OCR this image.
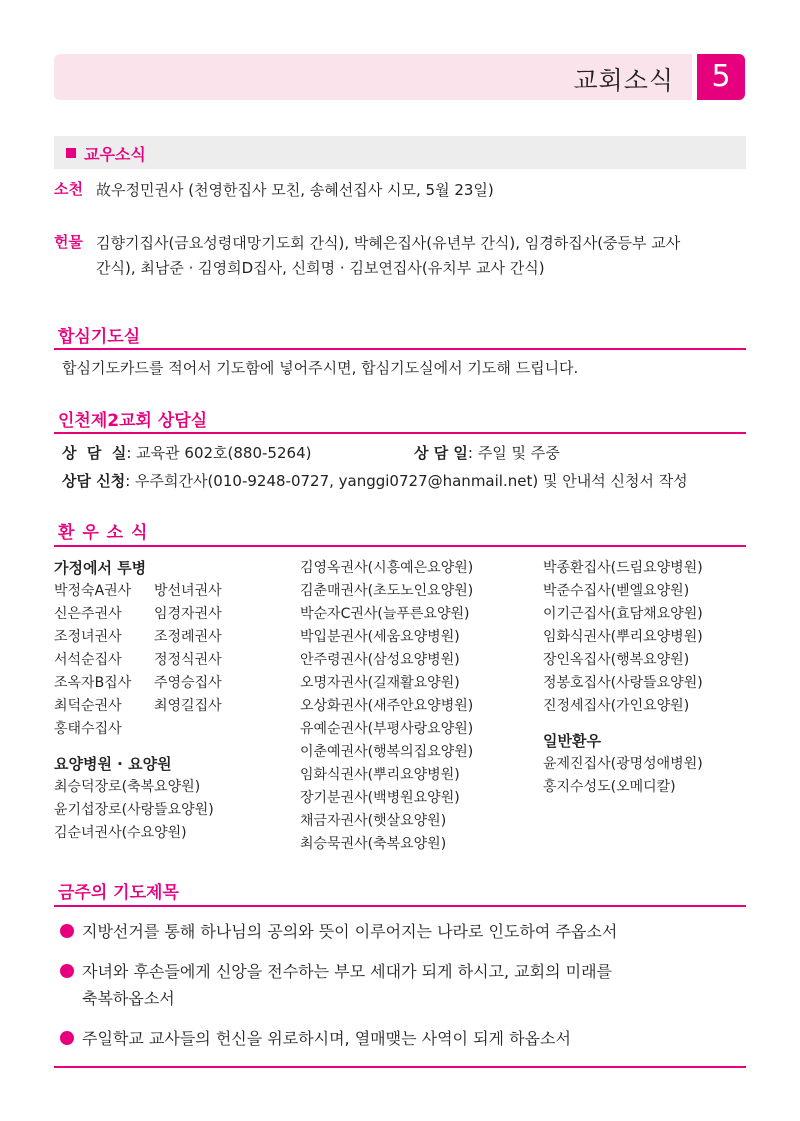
교회소식	5
교우소식
소천 故우정민권사 (천영한집사 모친, 송혜선집사 시모, 5월 23일)
헌물 김향기집사(금요성령대망기도회 간식), 박혜은집사(유년부 간식), 임경하집사(중등부 교사
간식), 최남준 · 김영희D집사, 신희명 · 김보연집사(유치부 교사 간식)
합심기도실
합심기도카드를 적어서 기도함에 넣어주시면, 합심기도실에서 기도해 드립니다.
인천제2교회 상담실
상  담  실: 교육관 602호(880-5264)	상 담 일: 주일 및 주중
상담 신청: 우주희간사(010-9248-0727, yanggi0727@hanmail.net) 및 안내석 신청서 작성
환 우 소 식
가정에서 투병
박정숙A권사	방선녀권사
신은주권사	임경자권사
조정녀권사	조정례권사
서석순집사	정정식권사
조옥자B집사	주영승집사
최덕순권사	최영길집사
홍태수집사
요양병원 · 요양원
최승덕장로(축복요양원)
윤기섭장로(사랑뜰요양원)
김순녀권사(수요양원)
김영옥권사(시흥예은요양원)
김춘매권사(초도노인요양원)
박순자C권사(늘푸른요양원)
박입분권사(세움요양병원)
안주령권사(삼성요양병원)
오명자권사(길재활요양원)
오상화권사(새주안요양병원)
유예순권사(부평사랑요양원)
이춘예권사(행복의집요양원)
임화식권사(뿌리요양병원)
장기분권사(백병원요양원)
채금자권사(햇살요양원)
최승묵권사(축복요양원)
박종환집사(드림요양병원)
박준수집사(벧엘요양원)
이기근집사(효담채요양원)
임화식권사(뿌리요양병원)
장인옥집사(행복요양원)
정봉호집사(사랑뜰요양원)
진정세집사(가인요양원)
일반환우
윤제진집사(광명성애병원)
홍지수성도(오메디칼)
금주의 기도제목
지방선거를 통해 하나님의 공의와 뜻이 이루어지는 나라로 인도하여 주옵소서
자녀와 후손들에게 신앙을 전수하는 부모 세대가 되게 하시고, 교회의 미래를
축복하옵소서
주일학교 교사들의 헌신을 위로하시며, 열매맺는 사역이 되게 하옵소서
